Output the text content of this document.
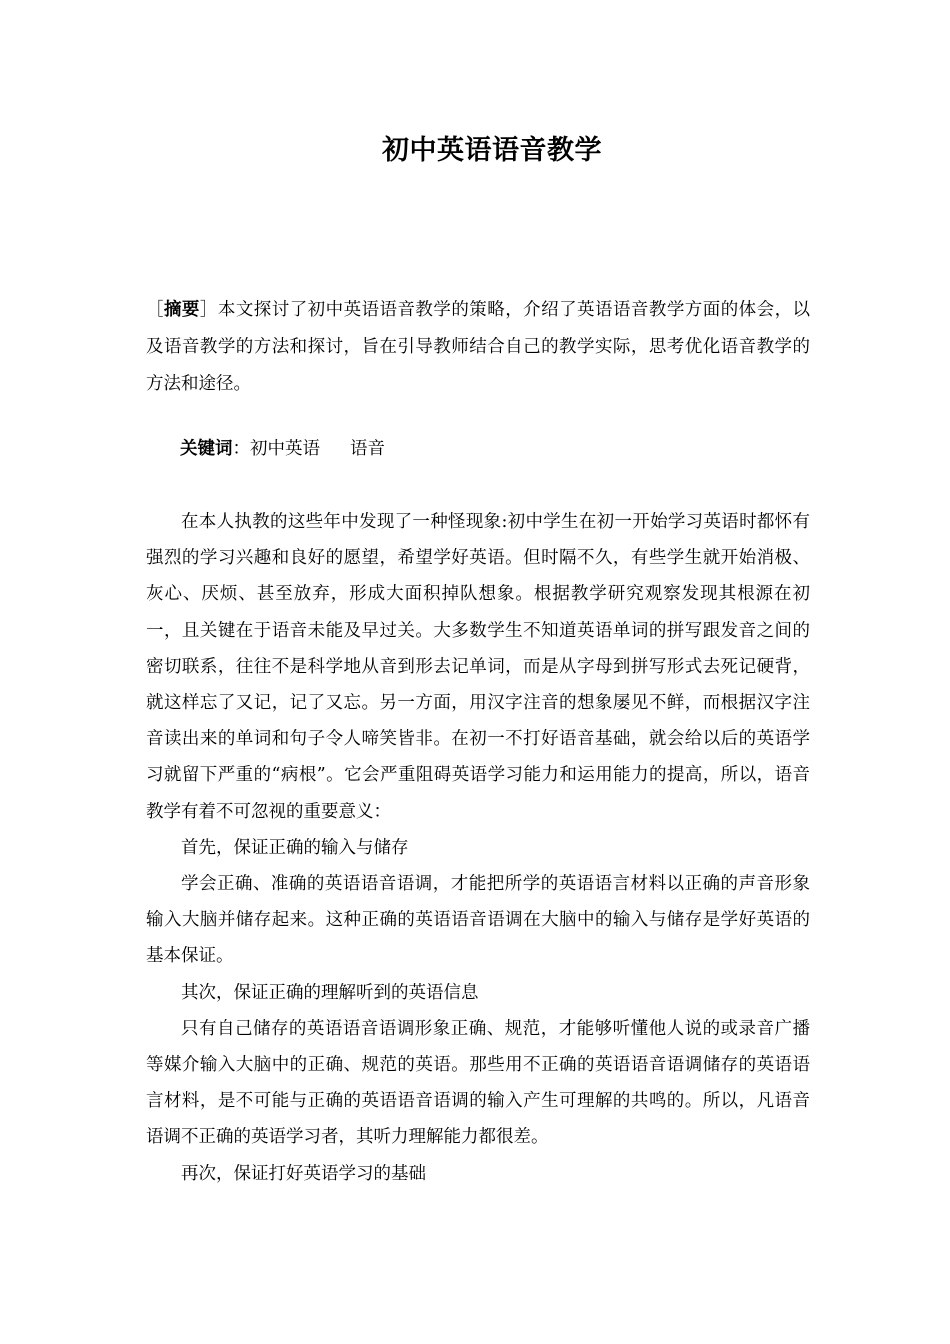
初中英语语音教学

［摘要］本文探讨了初中英语语音教学的策略，介绍了英语语音教学方面的体会，以及语音教学的方法和探讨，旨在引导教师结合自己的教学实际，思考优化语音教学的方法和途径。

关键词：初中英语 语音

在本人执教的这些年中发现了一种怪现象:初中学生在初一开始学习英语时都怀有强烈的学习兴趣和良好的愿望，希望学好英语。但时隔不久，有些学生就开始消极、灰心、厌烦、甚至放弃，形成大面积掉队想象。根据教学研究观察发现其根源在初一，且关键在于语音未能及早过关。大多数学生不知道英语单词的拼写跟发音之间的密切联系，往往不是科学地从音到形去记单词，而是从字母到拼写形式去死记硬背，就这样忘了又记，记了又忘。另一方面，用汉字注音的想象屡见不鲜，而根据汉字注音读出来的单词和句子令人啼笑皆非。在初一不打好语音基础，就会给以后的英语学习就留下严重的“病根”。它会严重阻碍英语学习能力和运用能力的提高，所以，语音教学有着不可忽视的重要意义：

首先，保证正确的输入与储存

学会正确、准确的英语语音语调，才能把所学的英语语言材料以正确的声音形象输入大脑并储存起来。这种正确的英语语音语调在大脑中的输入与储存是学好英语的基本保证。

其次，保证正确的理解听到的英语信息

只有自己储存的英语语音语调形象正确、规范，才能够听懂他人说的或录音广播等媒介输入大脑中的正确、规范的英语。那些用不正确的英语语音语调储存的英语语言材料，是不可能与正确的英语语音语调的输入产生可理解的共鸣的。所以，凡语音语调不正确的英语学习者，其听力理解能力都很差。

再次，保证打好英语学习的基础
